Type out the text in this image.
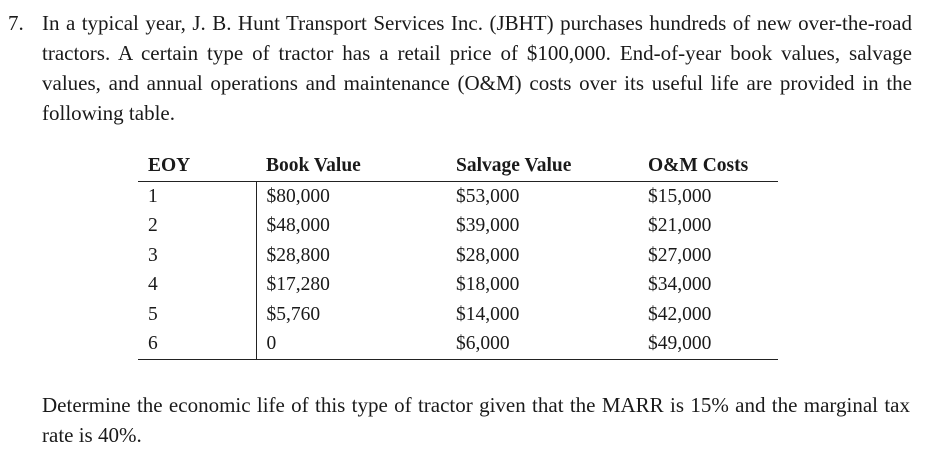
7. In a typical year, J. B. Hunt Transport Services Inc. (JBHT) purchases hundreds of new over-the-road tractors. A certain type of tractor has a retail price of $100,000. End-of-year book values, salvage values, and annual operations and maintenance (O&M) costs over its useful life are provided in the following table.

EOY	Book Value	Salvage Value	O&M Costs
1	$80,000	$53,000	$15,000
2	$48,000	$39,000	$21,000
3	$28,800	$28,000	$27,000
4	$17,280	$18,000	$34,000
5	$5,760	$14,000	$42,000
6	0	$6,000	$49,000

Determine the economic life of this type of tractor given that the MARR is 15% and the marginal tax rate is 40%.
